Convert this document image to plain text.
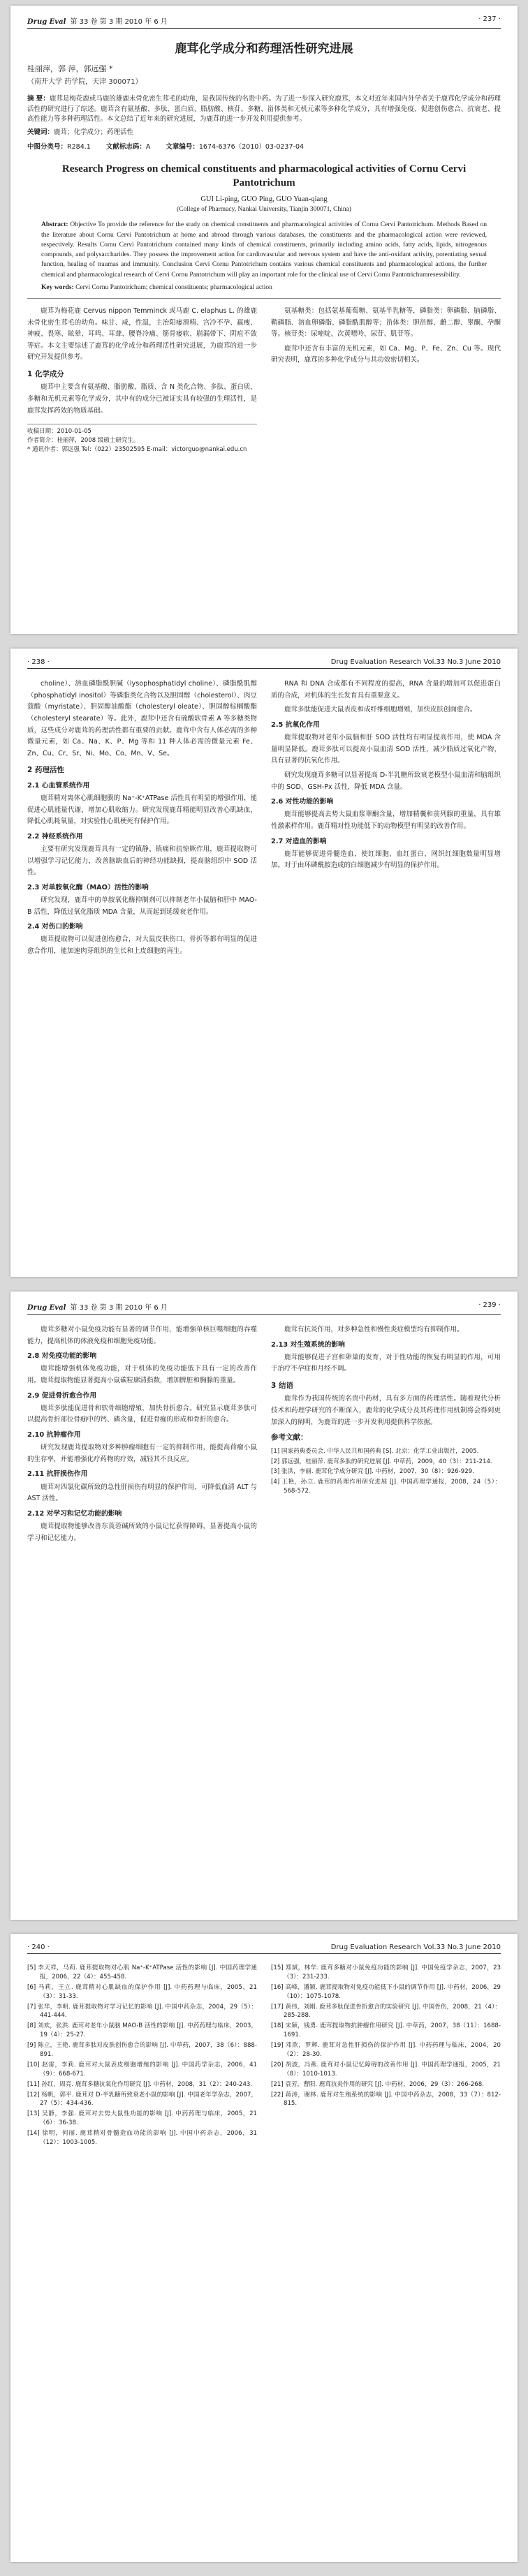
Drug Eval 第 33 卷 第 3 期 2010 年 6 月	· 237 ·
鹿茸化学成分和药理活性研究进展
桂丽萍，郭 萍，郭远强 *
（南开大学 药学院，天津 300071）
摘 要：鹿茸是梅花鹿或马鹿的雄鹿未骨化密生茸毛的幼角，是我国传统的名贵中药。为了进一步深入研究鹿茸，本文对近年来国内外学者关于鹿茸化学成分和药理活性的研究进行了综述。鹿茸含有氨基酸、多肽、蛋白质、脂肪酸、核苷、多糖、甾体类和无机元素等多种化学成分，具有增强免疫、促进创伤愈合、抗衰老、提高性能力等多种药理活性。本文总结了近年来的研究进展，为鹿茸的进一步开发利用提供参考。
关键词：鹿茸；化学成分；药理活性
中图分类号：R284.1 文献标志码：A 文章编号：1674-6376（2010）03-0237-04
Research Progress on chemical constituents and pharmacological activities of Cornu Cervi Pantotrichum
GUI Li-ping, GUO Ping, GUO Yuan-qiang
(College of Pharmacy, Nankai University, Tianjin 300071, China)
Abstract: Objective To provide the reference for the study on chemical constituents and pharmacological activities of Cornu Cervi Pantotrichum. Methods Based on the literature about Cornu Cervi Pantotrichum at home and abroad through various databases, the constituents and the pharmacological action were reviewed, respectively. Results Cornu Cervi Pantotrichum contained many kinds of chemical constituents, primarily including amino acids, fatty acids, lipids, nitrogenous compounds, and polysaccharides. They possess the improvement action for cardiovascular and nervous system and have the anti-oxidant activity, potentiating sexual function, healing of traumas and immunity. Conclusion Cervi Cornu Pantotrichum contains various chemical constituents and pharmacological actions, the further chemical and pharmacological research of Cervi Cornu Pantotrichum will play an important role for the clinical use of Cervi Cornu Pantotrichumresessibility.
Key words: Cervi Cornu Pantotrichum; chemical constituents; pharmacological action

鹿茸为梅花鹿 Cervus nippon Temminck 或马鹿 C. elaphus L. 的雄鹿未骨化密生茸毛的幼角。味甘、咸，性温，主治阳痿滑精、宫冷不孕、羸瘦、神疲、畏寒、眩晕、耳鸣、耳聋、腰脊冷痛、筋骨痿软、崩漏带下、阴疽不敛等症。本文主要综述了鹿茸的化学成分和药理活性研究进展，为鹿茸的进一步研究开发提供参考。

1 化学成分

鹿茸中主要含有氨基酸、脂肪酸、脂质、含 N 类化合物、多肽、蛋白质、多糖和无机元素等化学成分，其中有的成分已被证实具有较强的生理活性，是鹿茸发挥药效的物质基础。

收稿日期：2010-01-05
作者简介：桂丽萍，2008 级硕士研究生。
* 通讯作者：郭远强 Tel:（022）23502595 E-mail：victorguo@nankai.edu.cn

氨基糖类：包括氨基葡萄糖、氨基半乳糖等，磷脂类：卵磷脂、脑磷脂、鞘磷脂、溶血卵磷脂、磷脂酰肌醇等；甾体类：胆甾醇、雌二醇、睾酮、孕酮等。核苷类：尿嘧啶、次黄嘌呤、尿苷、肌苷等。

鹿茸中还含有丰富的无机元素，如 Ca、Mg、P、Fe、Zn、Cu 等。现代研究表明，鹿茸的多种化学成分与其功效密切相关。

· 238 ·	Drug Evaluation Research Vol.33 No.3 June 2010

choline）、溶血磷脂酰胆碱（lysophosphatidyl choline）、磷脂酰肌醇（phosphatidyl inositol）等磷脂类化合物以及胆固醇（cholesterol）、肉豆蔻酸（myristate）、胆固醇油酸酯（cholesteryl oleate）、胆固醇棕榈酸酯（cholesteryl stearate）等。此外，鹿茸中还含有硫酸软骨素 A 等多糖类物质，这些成分对鹿茸的药理活性都有重要的贡献。鹿茸中含有人体必需的多种微量元素，如 Ca、Na、K、P、Mg 等和 11 种人体必需的微量元素 Fe、Zn、Cu、Cr、Sr、Ni、Mo、Co、Mn、V、Se。

2 药理活性
2.1 心血管系统作用

鹿茸精对离体心肌细胞膜的 Na⁺-K⁺ATPase 活性具有明显的增强作用，能促进心肌能量代谢，增加心肌收缩力。研究发现鹿茸精能明显改善心肌缺血，降低心肌耗氧量，对实验性心肌梗死有保护作用。

2.2 神经系统作用

主要有研究发现鹿茸具有一定的镇静、镇痛和抗惊厥作用，鹿茸提取物可以增强学习记忆能力，改善脑缺血后的神经功能缺损，提高脑组织中 SOD 活性。

2.3 对单胺氧化酶（MAO）活性的影响

研究发现，鹿茸中的单胺氧化酶抑制剂可以抑制老年小鼠脑和肝中 MAO-B 活性，降低过氧化脂质 MDA 含量，从而起到延缓衰老作用。

2.4 对伤口的影响

鹿茸提取物可以促进创伤愈合，对大鼠皮肤伤口、骨折等都有明显的促进愈合作用，能加速肉芽组织的生长和上皮细胞的再生。

RNA 和 DNA 合成都有不同程度的提高，RNA 含量的增加可以促进蛋白质的合成，对机体的生长发育具有重要意义。

鹿茸多肽能促进大鼠表皮和成纤维细胞增殖，加快皮肤创面愈合。

2.5 抗氧化作用

鹿茸提取物对老年小鼠脑和肝 SOD 活性均有明显提高作用，使 MDA 含量明显降低。鹿茸多肽可以提高小鼠血清 SOD 活性，减少脂质过氧化产物，具有显著的抗氧化作用。

研究发现鹿茸多糖可以显著提高 D-半乳糖所致衰老模型小鼠血清和脑组织中的 SOD、GSH-Px 活性，降低 MDA 含量。

2.6 对性功能的影响

鹿茸能够提高去势大鼠血浆睾酮含量，增加精囊和前列腺的重量，具有雄性激素样作用。鹿茸精对性功能低下的动物模型有明显的改善作用。

2.7 对造血的影响

鹿茸能够促进骨髓造血，使红细胞、血红蛋白、网织红细胞数量明显增加。对于由环磷酰胺造成的白细胞减少有明显的保护作用。

Drug Eval 第 33 卷 第 3 期 2010 年 6 月	· 239 ·

鹿茸多糖对小鼠免疫功能有显著的调节作用，能增强单核巨噬细胞的吞噬能力，提高机体的体液免疫和细胞免疫功能。

2.8 对免疫功能的影响

鹿茸能增强机体免疫功能，对于机体的免疫功能低下具有一定的改善作用。鹿茸提取物能显著提高小鼠碳粒廓清指数，增加脾脏和胸腺的重量。

2.9 促进骨折愈合作用

鹿茸多肽能促进骨和软骨细胞增殖，加快骨折愈合。研究显示鹿茸多肽可以提高骨折部位骨痂中的钙、磷含量，促进骨痂的形成和骨折的愈合。

2.10 抗肿瘤作用

研究发现鹿茸提取物对多种肿瘤细胞有一定的抑制作用，能提高荷瘤小鼠的生存率，并能增强化疗药物的疗效，减轻其不良反应。

2.11 抗肝损伤作用

鹿茸对四氯化碳所致的急性肝损伤有明显的保护作用，可降低血清 ALT 与 AST 活性。

2.12 对学习和记忆功能的影响

鹿茸提取物能够改善东莨菪碱所致的小鼠记忆获得障碍，显著提高小鼠的学习和记忆能力。

鹿茸有抗炎作用，对多种急性和慢性炎症模型均有抑制作用。

2.13 对生殖系统的影响

鹿茸能够促进子宫和卵巢的发育，对于性功能的恢复有明显的作用，可用于治疗不孕症和月经不调。

3 结语

鹿茸作为我国传统的名贵中药材，具有多方面的药理活性。随着现代分析技术和药理学研究的不断深入，鹿茸的化学成分及其药理作用机制将会得到更加深入的阐明，为鹿茸的进一步开发利用提供科学依据。

参考文献：
[1] 国家药典委员会. 中华人民共和国药典 [S]. 北京：化学工业出版社，2005.
[2] 郭远强，桂丽萍. 鹿茸多肽的研究进展 [J]. 中草药，2009，40（3）：211-214.
[3] 张洪，李丽. 鹿茸化学成分研究 [J]. 中药材，2007，30（8）：926-929.
[4] 王艳，孙立. 鹿茸的药理作用研究进展 [J]. 中国药理学通报，2008，24（5）：568-572.
· 240 ·	Drug Evaluation Research Vol.33 No.3 June 2010
[5] 李天祥，马莉. 鹿茸提取物对心肌 Na⁺-K⁺ATPase 活性的影响 [J]. 中国药理学通报，2006，22（4）：455-458.
[6] 马莉，王立. 鹿茸精对心肌缺血的保护作用 [J]. 中药药理与临床，2005，21（3）：31-33.
[7] 张华，李明. 鹿茸提取物对学习记忆的影响 [J]. 中国中药杂志，2004，29（5）：441-444.
[8] 刘欢，张洪. 鹿茸对老年小鼠脑 MAO-B 活性的影响 [J]. 中药药理与临床，2003，19（4）：25-27.
[9] 陈立，王艳. 鹿茸多肽对皮肤创伤愈合的影响 [J]. 中草药，2007，38（6）：888-891.
[10] 赵雷，李莉. 鹿茸对大鼠表皮细胞增殖的影响 [J]. 中国药学杂志，2006，41（9）：668-671.
[11] 孙红，周亮. 鹿茸多糖抗氧化作用研究 [J]. 中药材，2008，31（2）：240-243.
[12] 杨帆，郭平. 鹿茸对 D-半乳糖所致衰老小鼠的影响 [J]. 中国老年学杂志，2007，27（5）：434-436.
[13] 吴静，李强. 鹿茸对去势大鼠性功能的影响 [J]. 中药药理与临床，2005，21（6）：36-38.
[14] 徐明，何丽. 鹿茸精对骨髓造血功能的影响 [J]. 中国中药杂志，2006，31（12）：1003-1005.
[15] 郑斌，林华. 鹿茸多糖对小鼠免疫功能的影响 [J]. 中国免疫学杂志，2007，23（3）：231-233.
[16] 高峰，潘颖. 鹿茸提取物对免疫功能低下小鼠的调节作用 [J]. 中药材，2006，29（10）：1075-1078.
[17] 黄伟，刘刚. 鹿茸多肽促进骨折愈合的实验研究 [J]. 中国骨伤，2008，21（4）：285-288.
[18] 宋颖，钱勇. 鹿茸提取物抗肿瘤作用研究 [J]. 中草药，2007，38（11）：1688-1691.
[19] 邓欣，罗辉. 鹿茸对急性肝损伤的保护作用 [J]. 中药药理与临床，2004，20（2）：28-30.
[20] 胡波，冯燕. 鹿茸对小鼠记忆障碍的改善作用 [J]. 中国药理学通报，2005，21（8）：1010-1013.
[21] 袁芳，曹阳. 鹿茸抗炎作用的研究 [J]. 中药材，2006，29（3）：266-268.
[22] 蒋涛，谢林. 鹿茸对生殖系统的影响 [J]. 中国中药杂志，2008，33（7）：812-815.
